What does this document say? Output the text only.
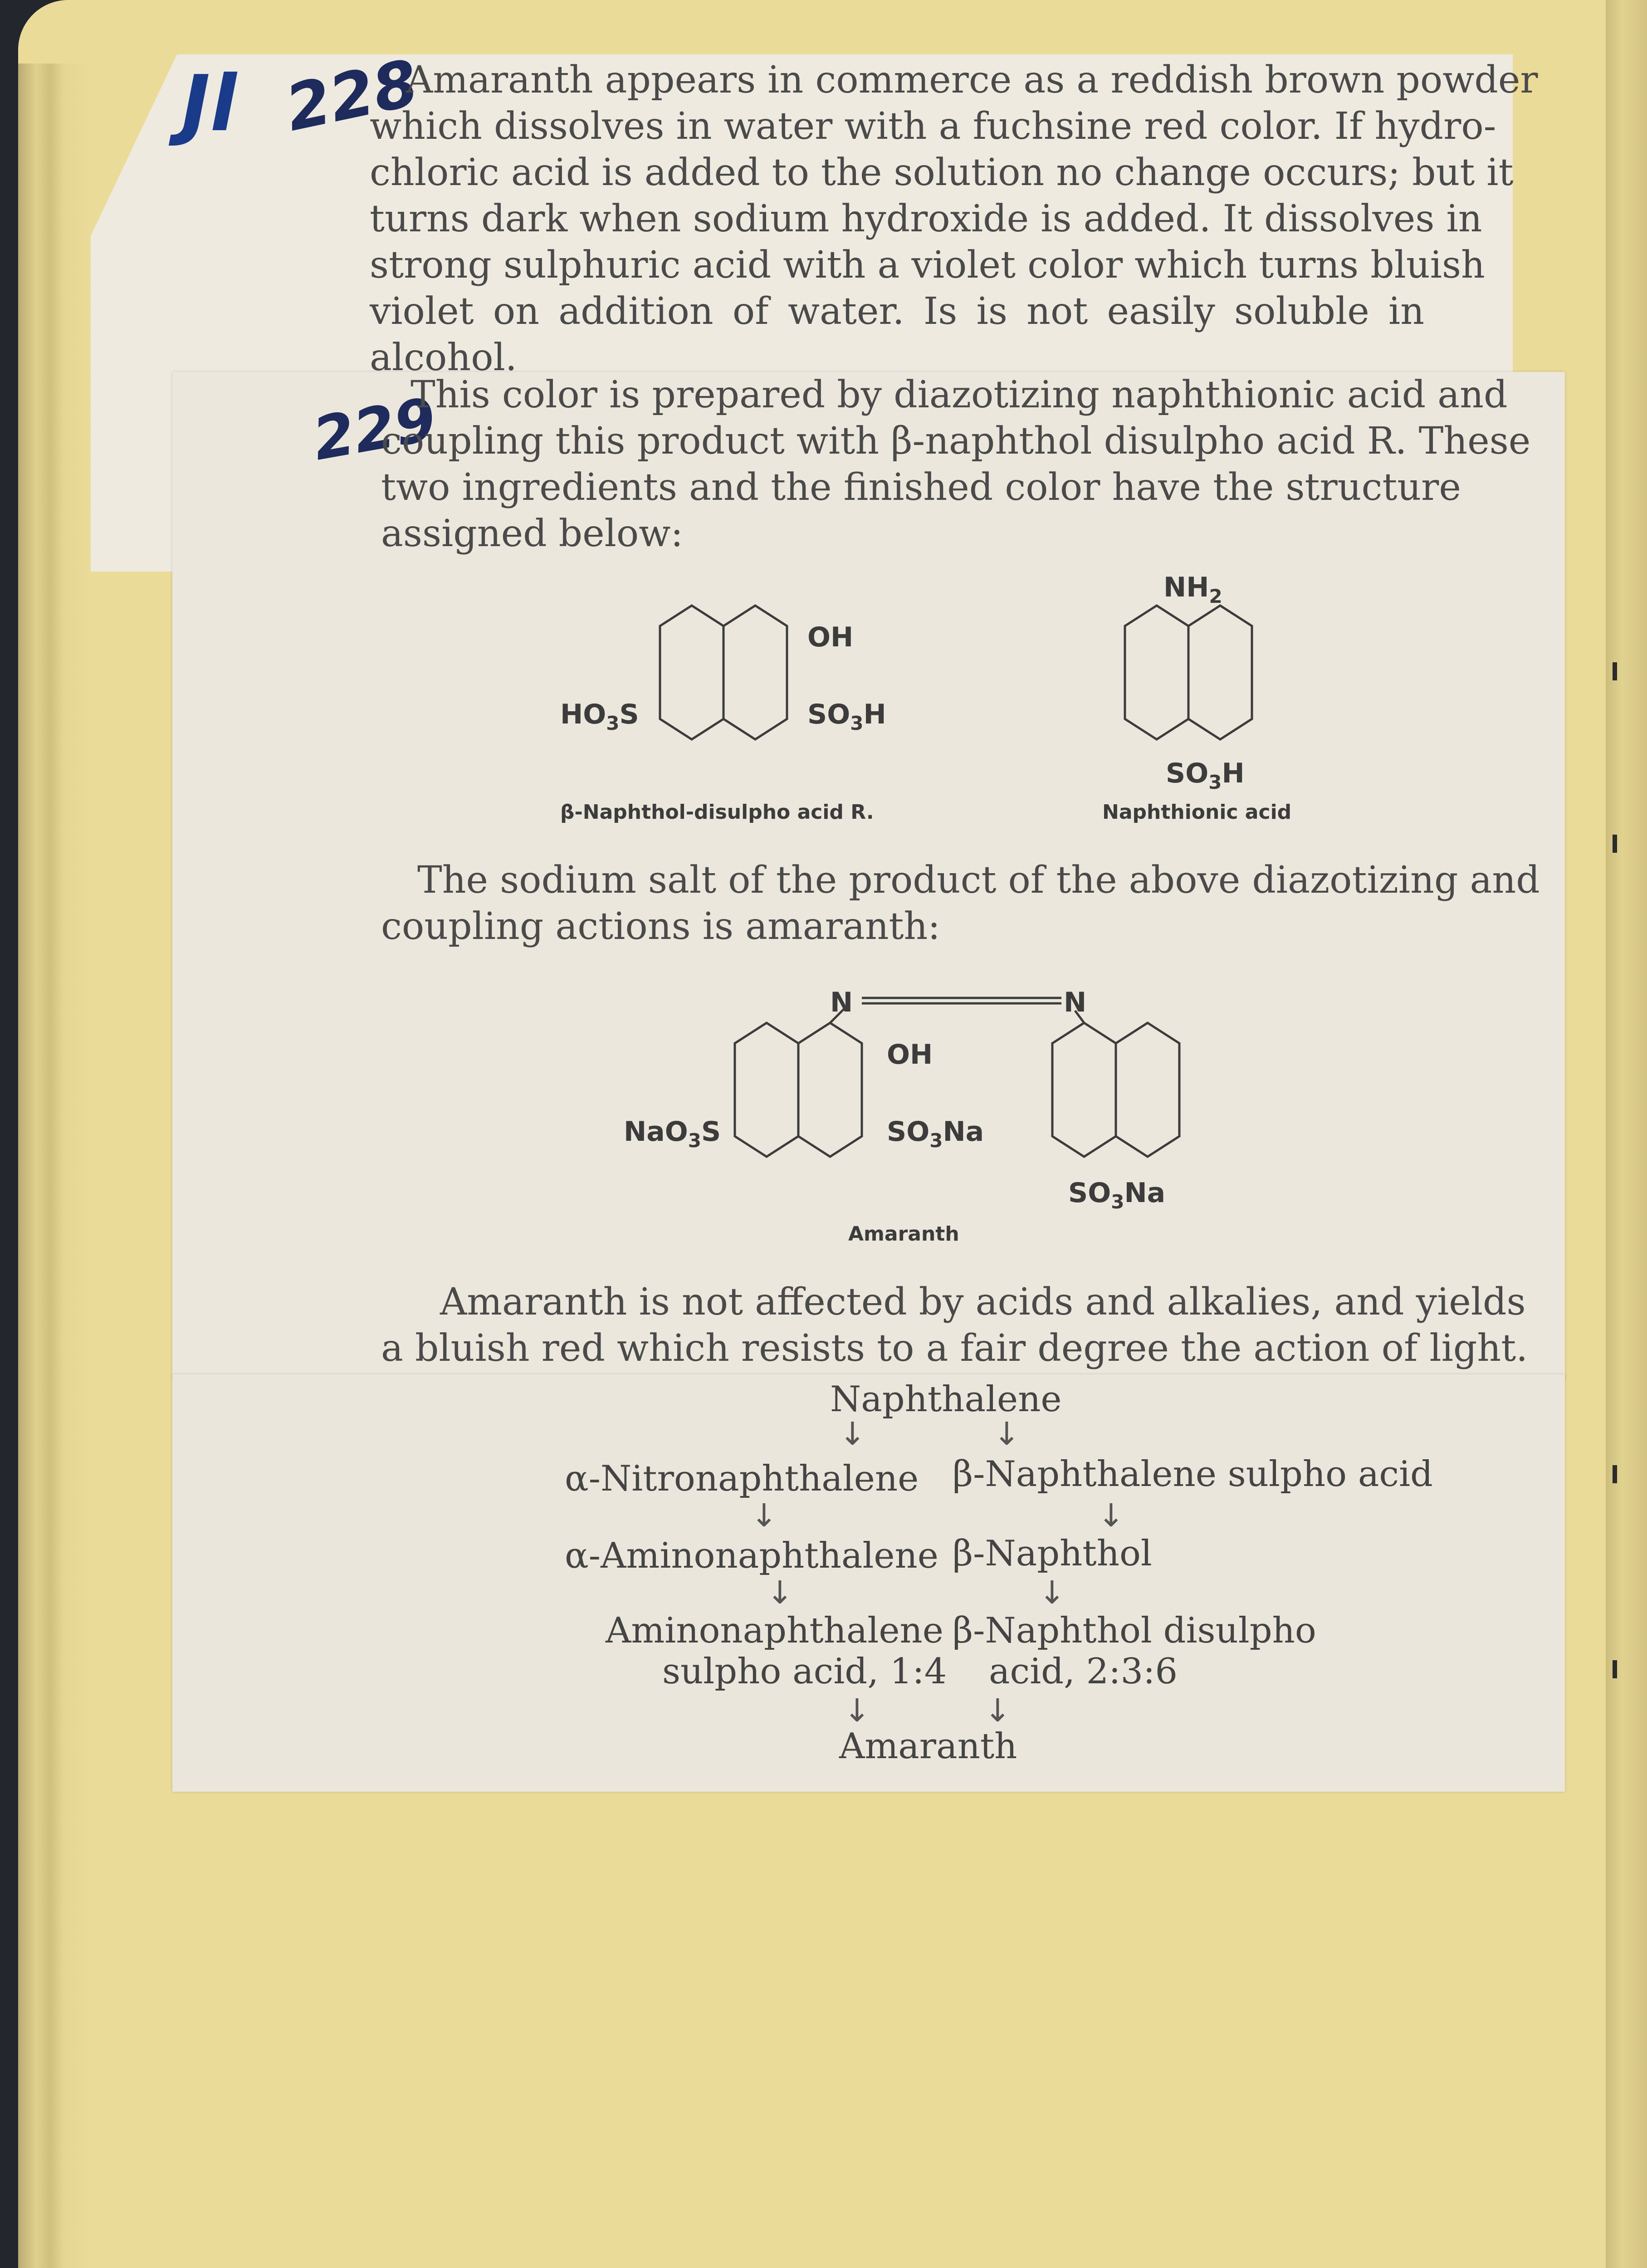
Jl 228
229
Amaranth appears in commerce as a reddish brown powder
which dissolves in water with a fuchsine red color. If hydro-
chloric acid is added to the solution no change occurs; but it
turns dark when sodium hydroxide is added. It dissolves in
strong sulphuric acid with a violet color which turns bluish
violet on addition of water. Is is not easily soluble in
alcohol.
This color is prepared by diazotizing naphthionic acid and
coupling this product with β-naphthol disulpho acid R. These
two ingredients and the finished color have the structure
assigned below:
OH
$HO_3S$	$SO_3H$
$NH_2$
$SO_3H$
N	N
OH
NaO$_3$S	$SO_3Na$
$SO_3Na$
β-Naphthol-disulpho acid R.	Naphthionic acid
The sodium salt of the product of the above diazotizing and
coupling actions is amaranth:
Amaranth
Amaranth is not affected by acids and alkalies, and yields
a bluish red which resists to a fair degree the action of light.
Naphthalene
↓	↓
α-Nitronaphthalene β-Naphthalene sulpho acid
↓	↓
α-Aminonaphthalene β-Naphthol
↓	↓
Aminonaphthalene
sulpho acid, 1:4
β-Naphthol disulpho
acid, 2:3:6
↓	↓
Amaranth
